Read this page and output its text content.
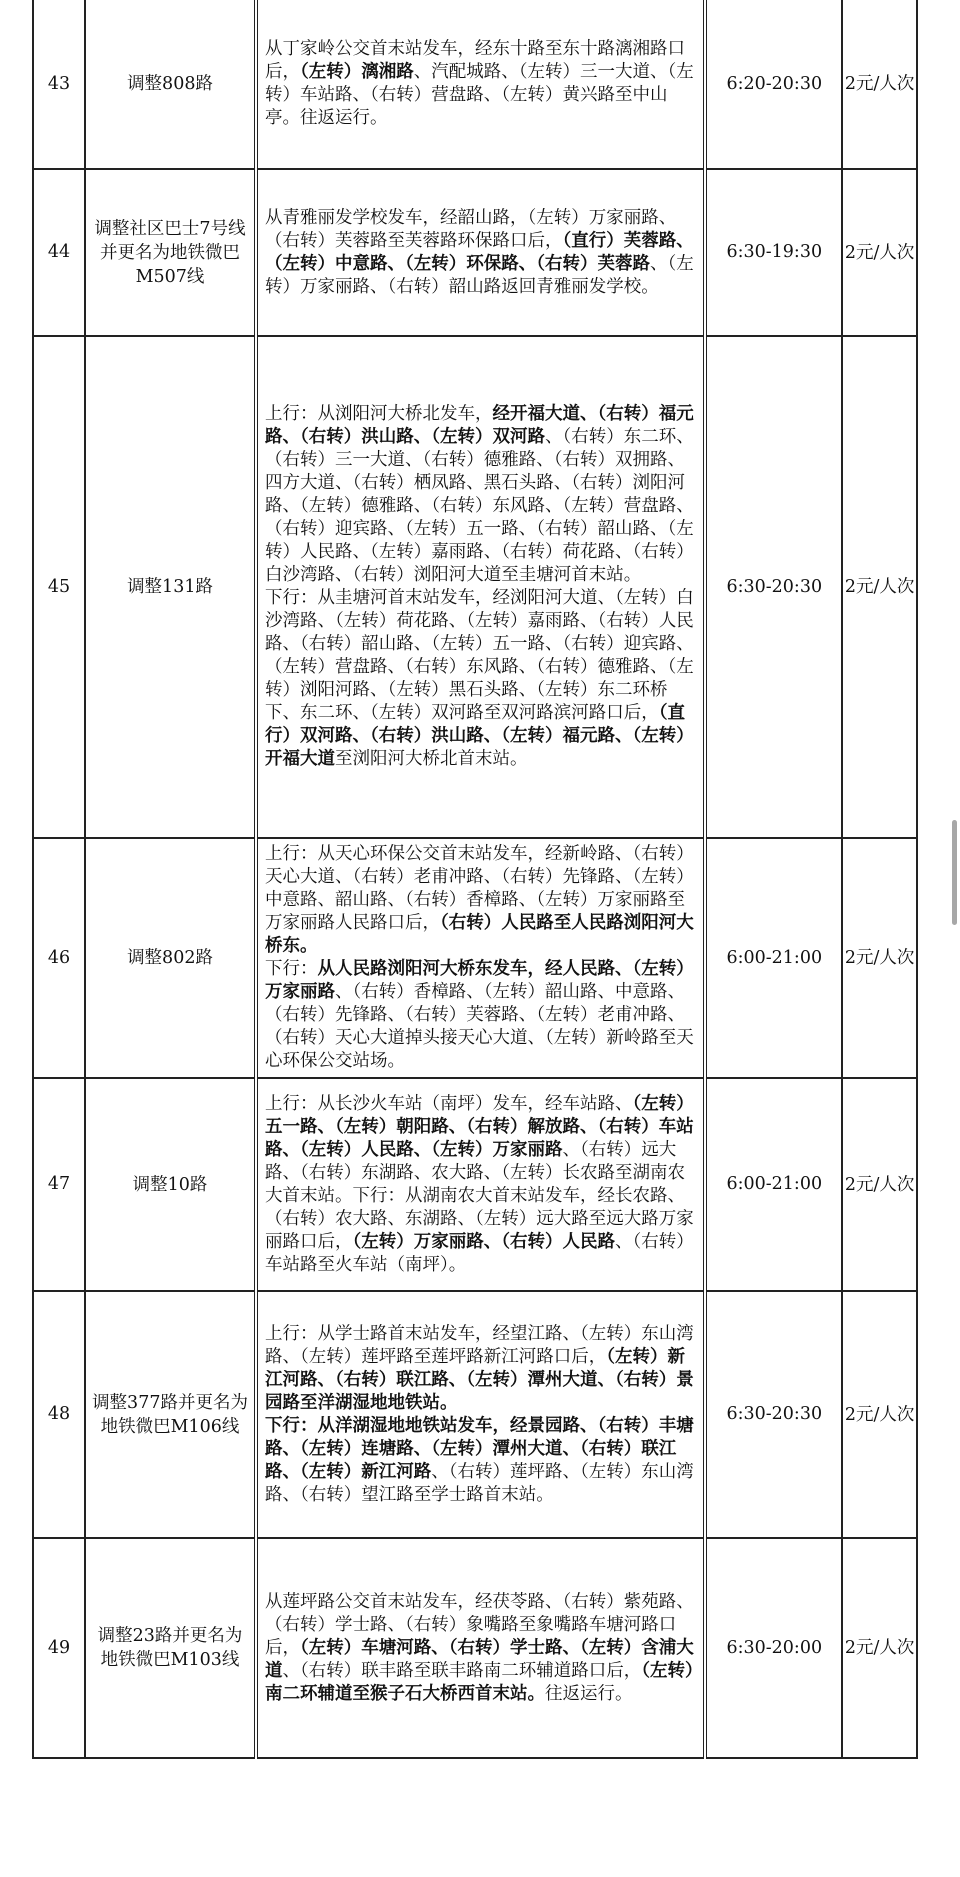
43	调整808路	从丁家岭公交首末站发车，经东十路至东十路漓湘路口后，（左转）漓湘路、汽配城路、（左转）三一大道、（左转）车站路、（右转）营盘路、（左转）黄兴路至中山亭。往返运行。	6:20-20:30	2元/人次
44	调整社区巴士7号线并更名为地铁微巴M507线	从青雅丽发学校发车，经韶山路，（左转）万家丽路、（右转）芙蓉路至芙蓉路环保路口后，（直行）芙蓉路、（左转）中意路、（左转）环保路、（右转）芙蓉路、（左转）万家丽路、（右转）韶山路返回青雅丽发学校。	6:30-19:30	2元/人次
45	调整131路	上行：从浏阳河大桥北发车，经开福大道、（右转）福元路、（右转）洪山路、（左转）双河路、（右转）东二环、（右转）三一大道、（右转）德雅路、（右转）双拥路、四方大道、（右转）栖凤路、黑石头路、（右转）浏阳河路、（左转）德雅路、（右转）东风路、（左转）营盘路、（右转）迎宾路、（左转）五一路、（右转）韶山路、（左转）人民路、（左转）嘉雨路、（右转）荷花路、（右转）白沙湾路、（右转）浏阳河大道至圭塘河首末站。
下行：从圭塘河首末站发车，经浏阳河大道、（左转）白沙湾路、（左转）荷花路、（左转）嘉雨路、（右转）人民路、（右转）韶山路、（左转）五一路、（右转）迎宾路、（左转）营盘路、（右转）东风路、（右转）德雅路、（左转）浏阳河路、（左转）黑石头路、（左转）东二环桥下、东二环、（左转）双河路至双河路滨河路口后，（直行）双河路、（右转）洪山路、（左转）福元路、（左转）开福大道至浏阳河大桥北首末站。	6:30-20:30	2元/人次
46	调整802路	上行：从天心环保公交首末站发车，经新岭路、（右转）天心大道、（右转）老甫冲路、（右转）先锋路、（左转）中意路、韶山路、（右转）香樟路、（左转）万家丽路至万家丽路人民路口后，（右转）人民路至人民路浏阳河大桥东。
下行：从人民路浏阳河大桥东发车，经人民路、（左转）万家丽路、（右转）香樟路、（左转）韶山路、中意路、（右转）先锋路、（右转）芙蓉路、（左转）老甫冲路、（右转）天心大道掉头接天心大道、（左转）新岭路至天心环保公交站场。	6:00-21:00	2元/人次
47	调整10路	上行：从长沙火车站（南坪）发车，经车站路、（左转）五一路、（左转）朝阳路、（右转）解放路、（右转）车站路、（左转）人民路、（左转）万家丽路、（右转）远大路、（右转）东湖路、农大路、（左转）长农路至湖南农大首末站。下行：从湖南农大首末站发车，经长农路、（右转）农大路、东湖路、（左转）远大路至远大路万家丽路口后，（左转）万家丽路、（右转）人民路、（右转）车站路至火车站（南坪）。	6:00-21:00	2元/人次
48	调整377路并更名为地铁微巴M106线	上行：从学士路首末站发车，经望江路、（左转）东山湾路、（左转）莲坪路至莲坪路新江河路口后，（左转）新江河路、（右转）联江路、（左转）潭州大道、（右转）景园路至洋湖湿地地铁站。
下行：从洋湖湿地地铁站发车，经景园路、（右转）丰塘路、（左转）连塘路、（左转）潭州大道、（右转）联江路、（左转）新江河路、（右转）莲坪路、（左转）东山湾路、（右转）望江路至学士路首末站。	6:30-20:30	2元/人次
49	调整23路并更名为地铁微巴M103线	从莲坪路公交首末站发车，经茯苓路、（右转）紫苑路、（右转）学士路、（右转）象嘴路至象嘴路车塘河路口后，（左转）车塘河路、（右转）学士路、（左转）含浦大道、（右转）联丰路至联丰路南二环辅道路口后，（左转）南二环辅道至猴子石大桥西首末站。往返运行。	6:30-20:00	2元/人次
